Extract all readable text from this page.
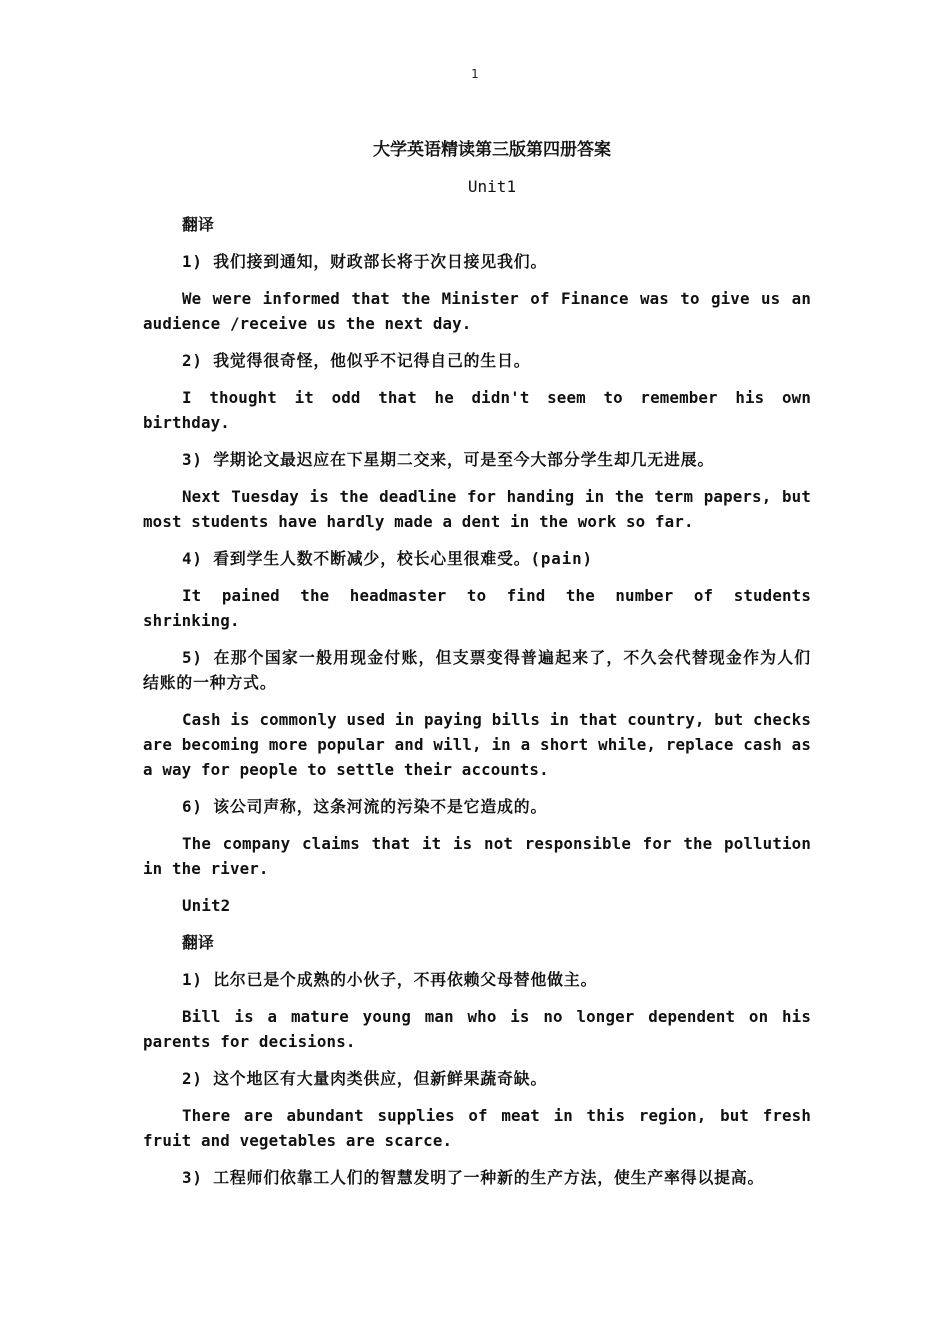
1
大学英语精读第三版第四册答案
Unit1
翻译
1) 我们接到通知，财政部长将于次日接见我们。
We were informed that the Minister of Finance was to give us an audience /receive us the next day.
2) 我觉得很奇怪，他似乎不记得自己的生日。
I thought it odd that he didn't seem to remember his own birthday.
3) 学期论文最迟应在下星期二交来，可是至今大部分学生却几无进展。
Next Tuesday is the deadline for handing in the term papers, but most students have hardly made a dent in the work so far.
4) 看到学生人数不断减少，校长心里很难受。(pain)
It pained the headmaster to find the number of students shrinking.
5) 在那个国家一般用现金付账，但支票变得普遍起来了，不久会代替现金作为人们结账的一种方式。
Cash is commonly used in paying bills in that country, but checks are becoming more popular and will, in a short while, replace cash as a way for people to settle their accounts.
6) 该公司声称，这条河流的污染不是它造成的。
The company claims that it is not responsible for the pollution in the river.
Unit2
翻译
1) 比尔已是个成熟的小伙子，不再依赖父母替他做主。
Bill is a mature young man who is no longer dependent on his parents for decisions.
2) 这个地区有大量肉类供应，但新鲜果蔬奇缺。
There are abundant supplies of meat in this region, but fresh fruit and vegetables are scarce.
3) 工程师们依靠工人们的智慧发明了一种新的生产方法，使生产率得以提高。
